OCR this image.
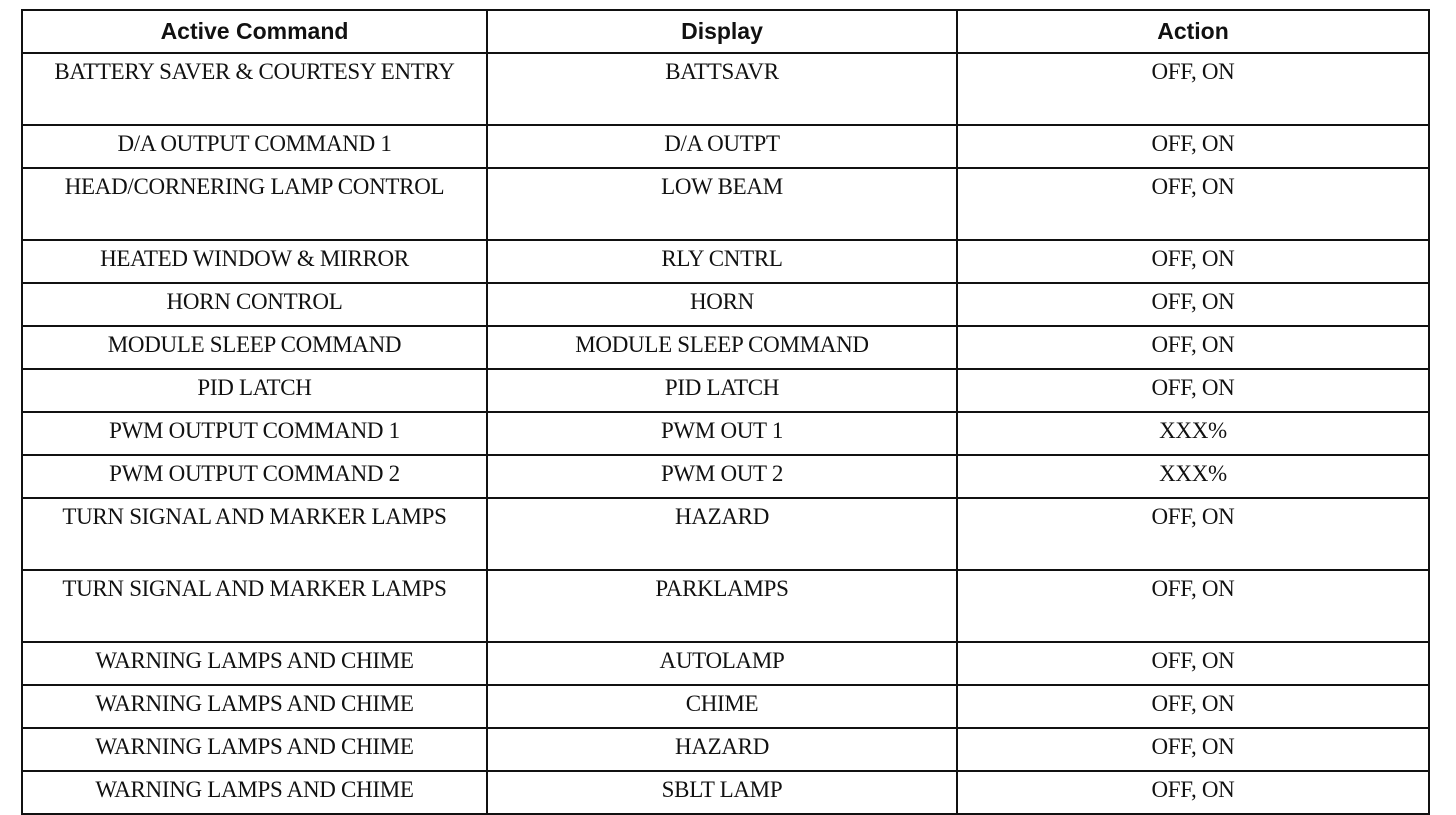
Active Command	Display	Action
BATTERY SAVER & COURTESY ENTRY	BATTSAVR	OFF, ON
D/A OUTPUT COMMAND 1	D/A OUTPT	OFF, ON
HEAD/CORNERING LAMP CONTROL	LOW BEAM	OFF, ON
HEATED WINDOW & MIRROR	RLY CNTRL	OFF, ON
HORN CONTROL	HORN	OFF, ON
MODULE SLEEP COMMAND	MODULE SLEEP COMMAND	OFF, ON
PID LATCH	PID LATCH	OFF, ON
PWM OUTPUT COMMAND 1	PWM OUT 1	XXX%
PWM OUTPUT COMMAND 2	PWM OUT 2	XXX%
TURN SIGNAL AND MARKER LAMPS	HAZARD	OFF, ON
TURN SIGNAL AND MARKER LAMPS	PARKLAMPS	OFF, ON
WARNING LAMPS AND CHIME	AUTOLAMP	OFF, ON
WARNING LAMPS AND CHIME	CHIME	OFF, ON
WARNING LAMPS AND CHIME	HAZARD	OFF, ON
WARNING LAMPS AND CHIME	SBLT LAMP	OFF, ON
